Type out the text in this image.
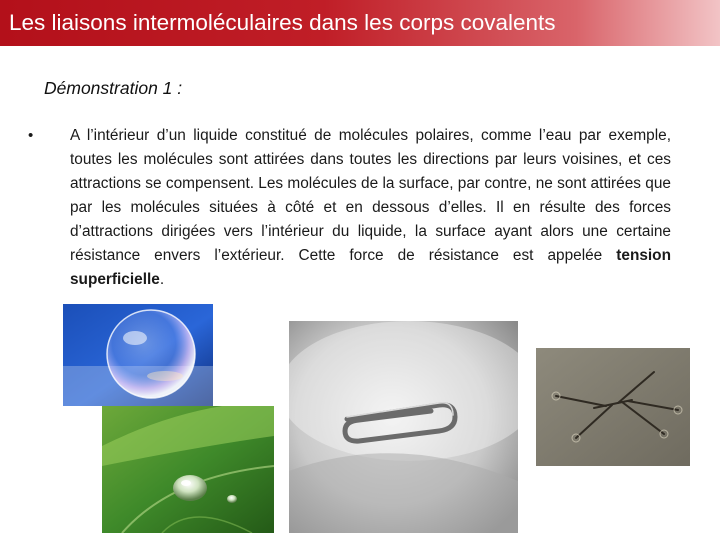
Les liaisons intermoléculaires dans les corps covalents

Démonstration 1 :

• A l’intérieur d’un liquide constitué de molécules polaires, comme l’eau par exemple, toutes les molécules sont attirées dans toutes les directions par leurs voisines, et ces attractions se compensent. Les molécules de la surface, par contre, ne sont attirées que par les molécules situées à côté et en dessous d’elles. Il en résulte des forces d’attractions dirigées vers l’intérieur du liquide, la surface ayant alors une certaine résistance envers l’extérieur. Cette force de résistance est appelée tension superficielle.
